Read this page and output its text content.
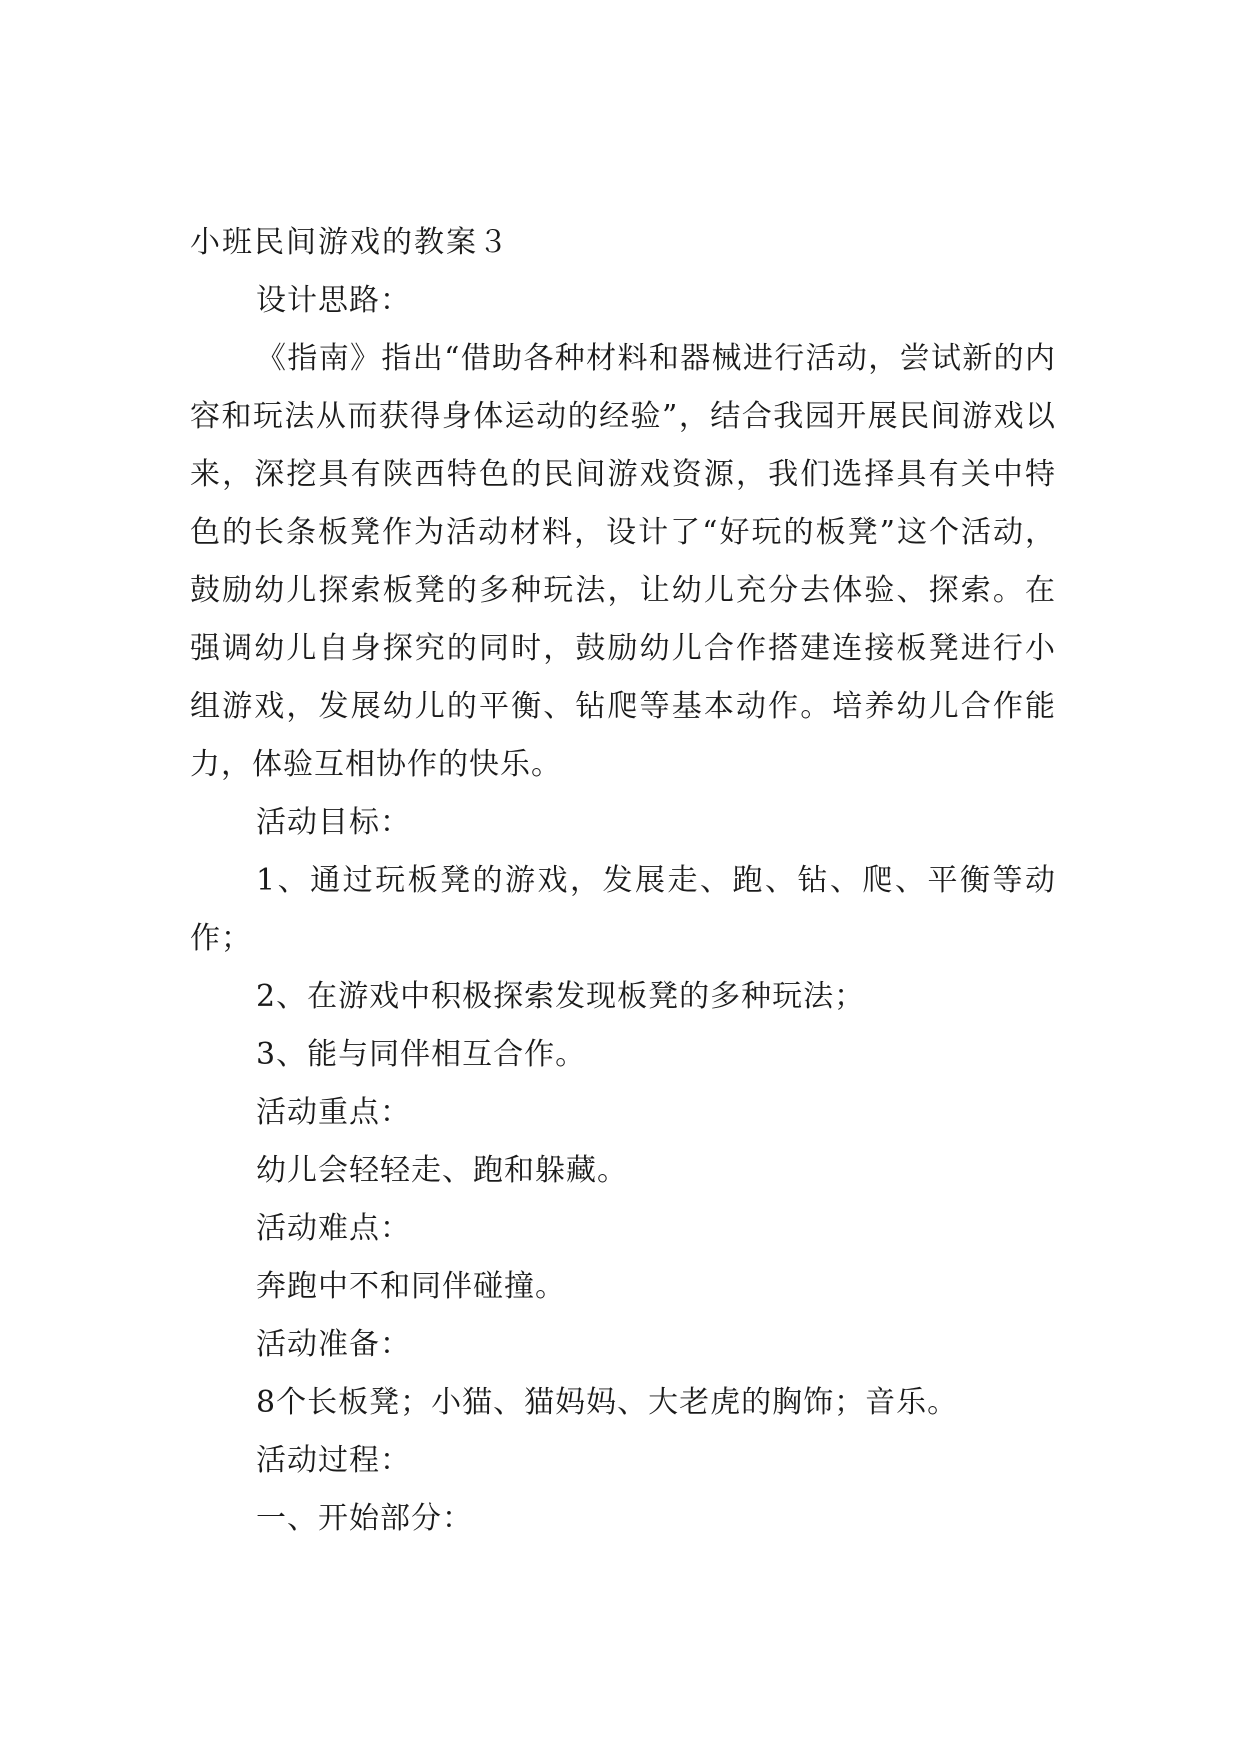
小班民间游戏的教案３

设计思路：

《指南》指出“借助各种材料和器械进行活动，尝试新的内容和玩法从而获得身体运动的经验”，结合我园开展民间游戏以来，深挖具有陕西特色的民间游戏资源，我们选择具有关中特色的长条板凳作为活动材料，设计了“好玩的板凳”这个活动，鼓励幼儿探索板凳的多种玩法，让幼儿充分去体验、探索。在强调幼儿自身探究的同时，鼓励幼儿合作搭建连接板凳进行小组游戏，发展幼儿的平衡、钻爬等基本动作。培养幼儿合作能力，体验互相协作的快乐。

活动目标：

1、通过玩板凳的游戏，发展走、跑、钻、爬、平衡等动作；

2、在游戏中积极探索发现板凳的多种玩法；

3、能与同伴相互合作。

活动重点：

幼儿会轻轻走、跑和躲藏。

活动难点：

奔跑中不和同伴碰撞。

活动准备：

8个长板凳；小猫、猫妈妈、大老虎的胸饰；音乐。

活动过程：

一、开始部分：
